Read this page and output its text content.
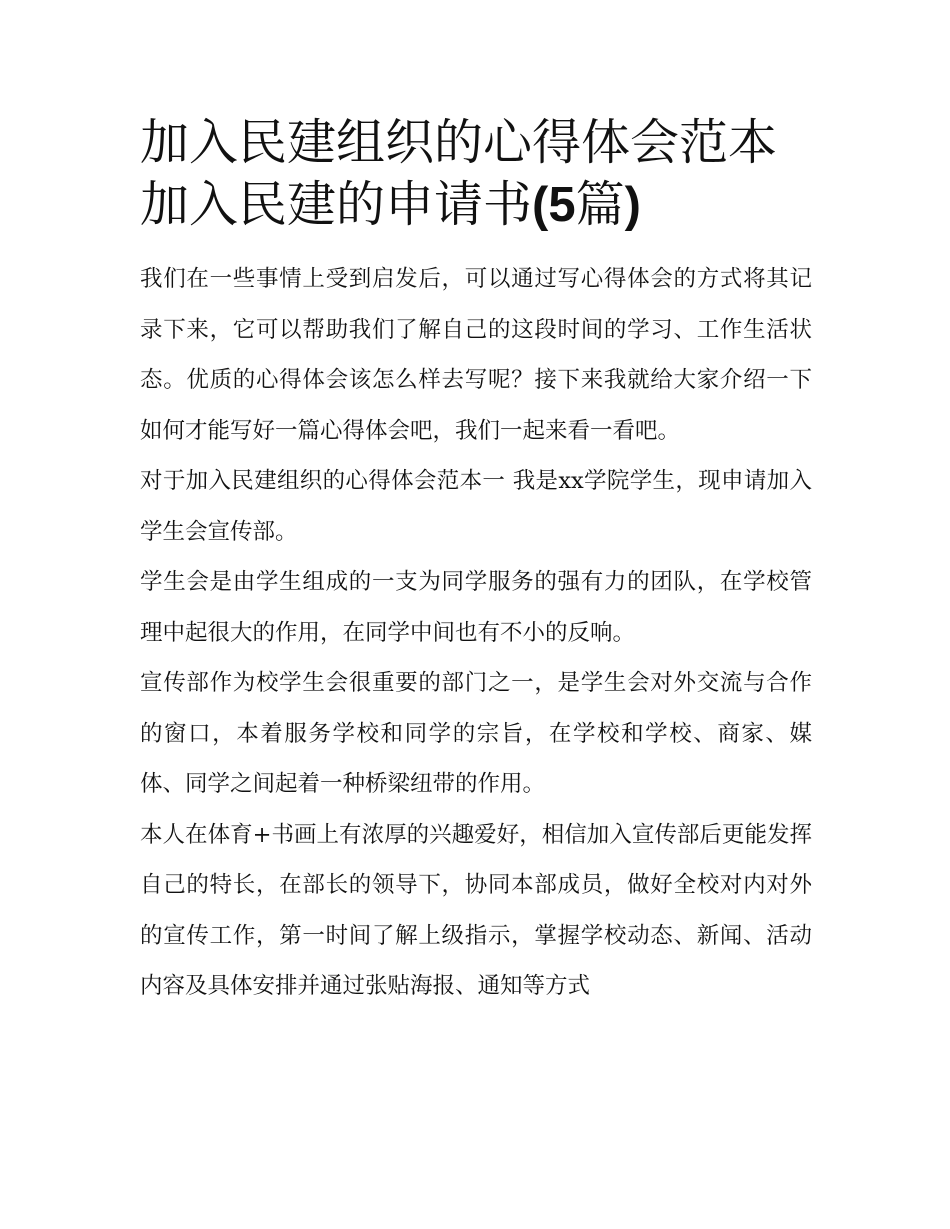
加入民建组织的心得体会范本
加入民建的申请书(5篇)

我们在一些事情上受到启发后，可以通过写心得体会的方式将其记录下来，它可以帮助我们了解自己的这段时间的学习、工作生活状态。优质的心得体会该怎么样去写呢？接下来我就给大家介绍一下如何才能写好一篇心得体会吧，我们一起来看一看吧。

对于加入民建组织的心得体会范本一 我是xx学院学生，现申请加入学生会宣传部。

学生会是由学生组成的一支为同学服务的强有力的团队，在学校管理中起很大的作用，在同学中间也有不小的反响。

宣传部作为校学生会很重要的部门之一，是学生会对外交流与合作的窗口，本着服务学校和同学的宗旨，在学校和学校、商家、媒体、同学之间起着一种桥梁纽带的作用。

本人在体育+书画上有浓厚的兴趣爱好，相信加入宣传部后更能发挥自己的特长，在部长的领导下，协同本部成员，做好全校对内对外的宣传工作，第一时间了解上级指示，掌握学校动态、新闻、活动内容及具体安排并通过张贴海报、通知等方式
